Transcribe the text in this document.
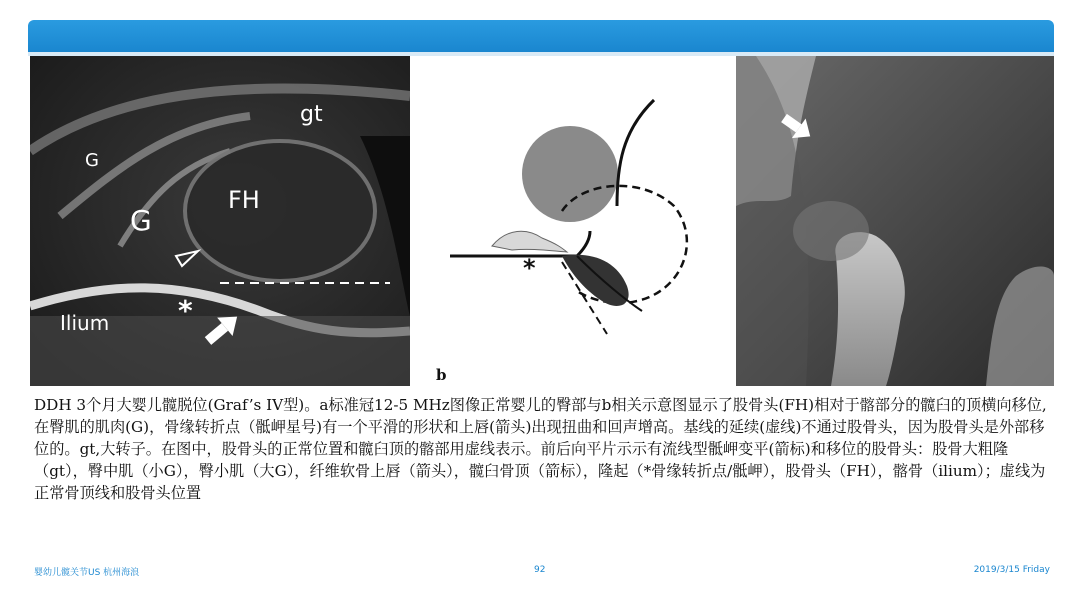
gt
G
G
FH
Ilium *
*
b

DDH 3个月大婴儿髋脱位(Graf’s IV型)。a标准冠12-5 MHz图像正常婴儿的臀部与b相关示意图显示了股骨头(FH)相对于髂部分的髋臼的顶横向移位,在臀肌的肌肉(G)，骨缘转折点（骶岬星号)有一个平滑的形状和上唇(箭头)出现扭曲和回声增高。基线的延续(虚线)不通过股骨头，因为股骨头是外部移位的。gt,大转子。在图中，股骨头的正常位置和髋臼顶的髂部用虚线表示。前后向平片示示有流线型骶岬变平(箭标)和移位的股骨头：股骨大粗隆（gt），臀中肌（小G），臀小肌（大G），纤维软骨上唇（箭头），髋臼骨顶（箭标），隆起（*骨缘转折点/骶岬），股骨头（FH），髂骨（ilium）；虚线为正常骨顶线和股骨头位置

婴幼儿髋关节US 杭州海浪	92	2019/3/15 Friday
